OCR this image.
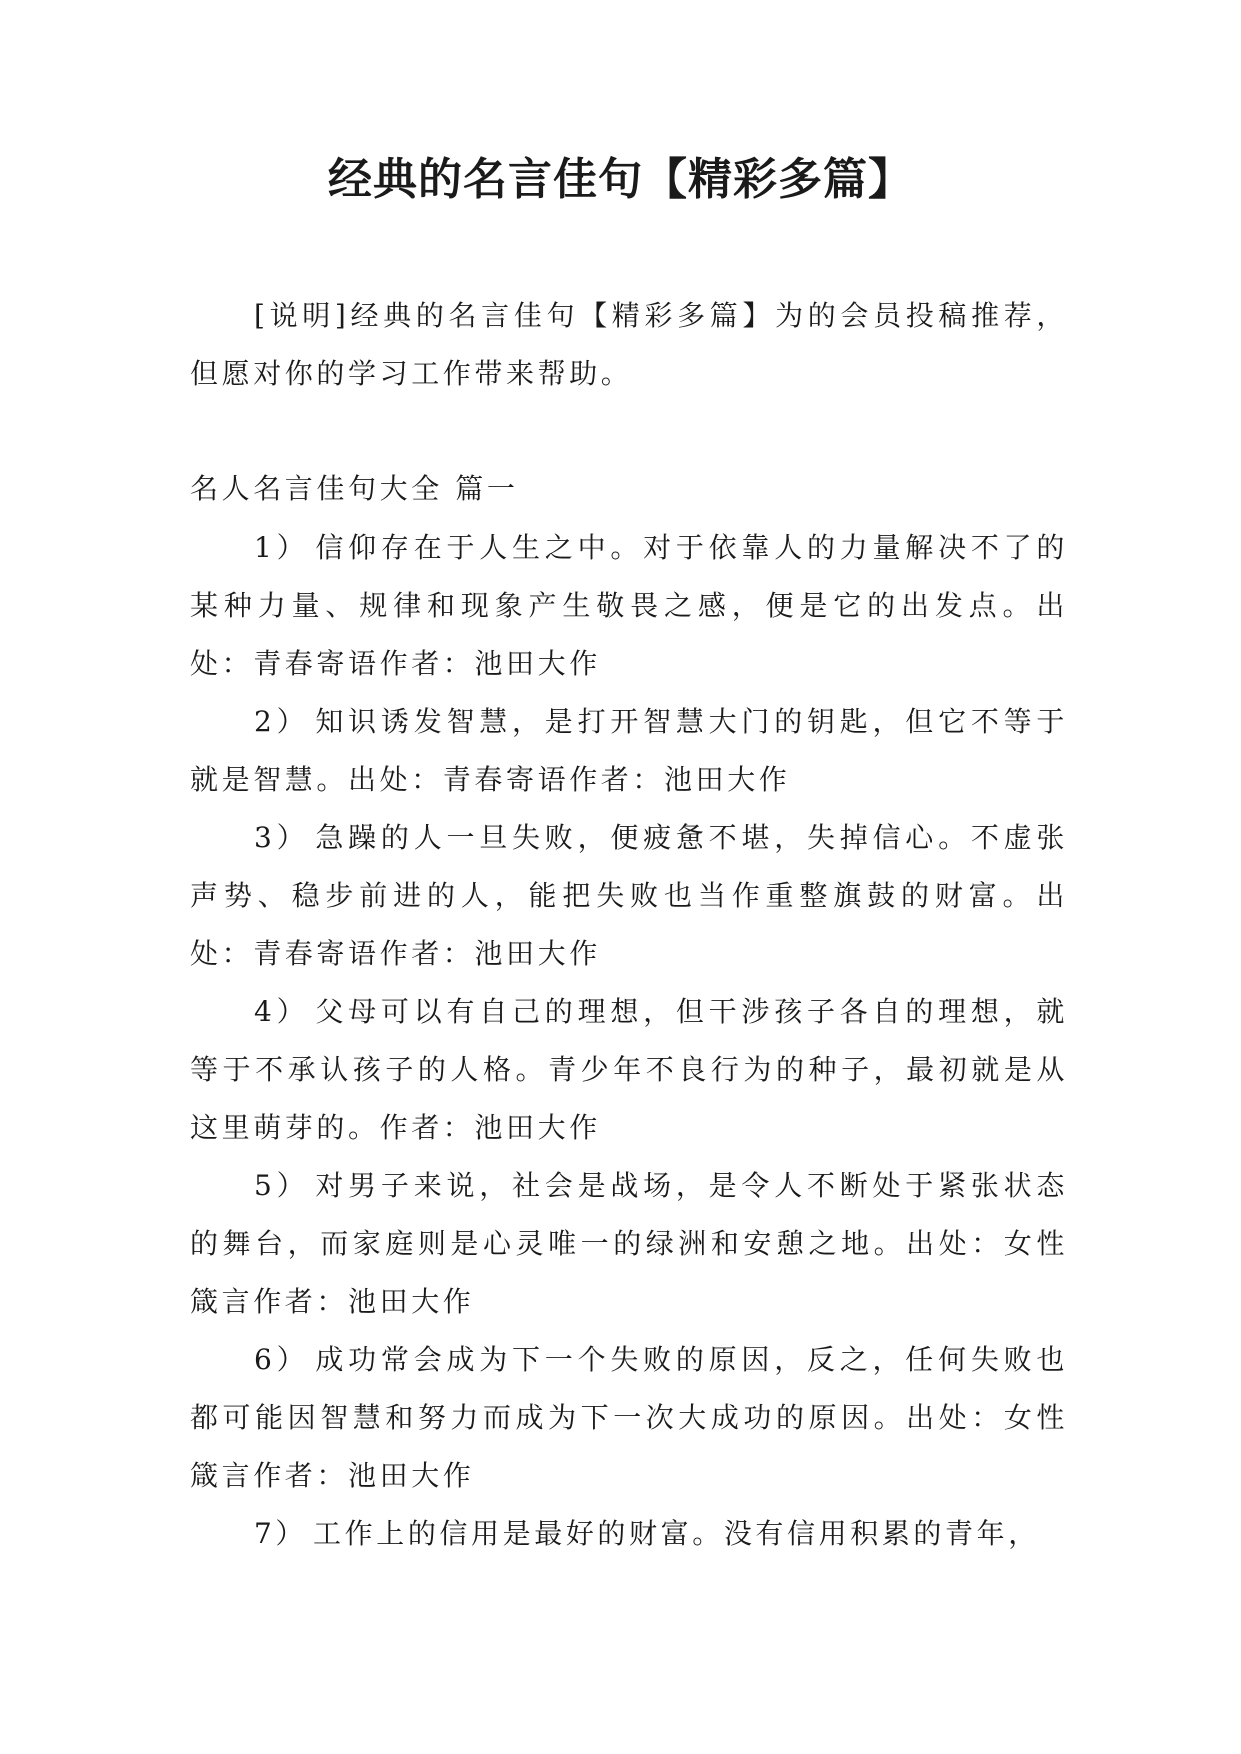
经典的名言佳句【精彩多篇】

[说明]经典的名言佳句【精彩多篇】为的会员投稿推荐，但愿对你的学习工作带来帮助。

名人名言佳句大全 篇一

1） 信仰存在于人生之中。对于依靠人的力量解决不了的某种力量、规律和现象产生敬畏之感，便是它的出发点。出处：青春寄语作者：池田大作
2） 知识诱发智慧，是打开智慧大门的钥匙，但它不等于就是智慧。出处：青春寄语作者：池田大作
3） 急躁的人一旦失败，便疲惫不堪，失掉信心。不虚张声势、稳步前进的人，能把失败也当作重整旗鼓的财富。出处：青春寄语作者：池田大作
4） 父母可以有自己的理想，但干涉孩子各自的理想，就等于不承认孩子的人格。青少年不良行为的种子，最初就是从这里萌芽的。作者：池田大作
5） 对男子来说，社会是战场，是令人不断处于紧张状态的舞台，而家庭则是心灵唯一的绿洲和安憩之地。出处：女性箴言作者：池田大作
6） 成功常会成为下一个失败的原因，反之，任何失败也都可能因智慧和努力而成为下一次大成功的原因。出处：女性箴言作者：池田大作
7） 工作上的信用是最好的财富。没有信用积累的青年，
